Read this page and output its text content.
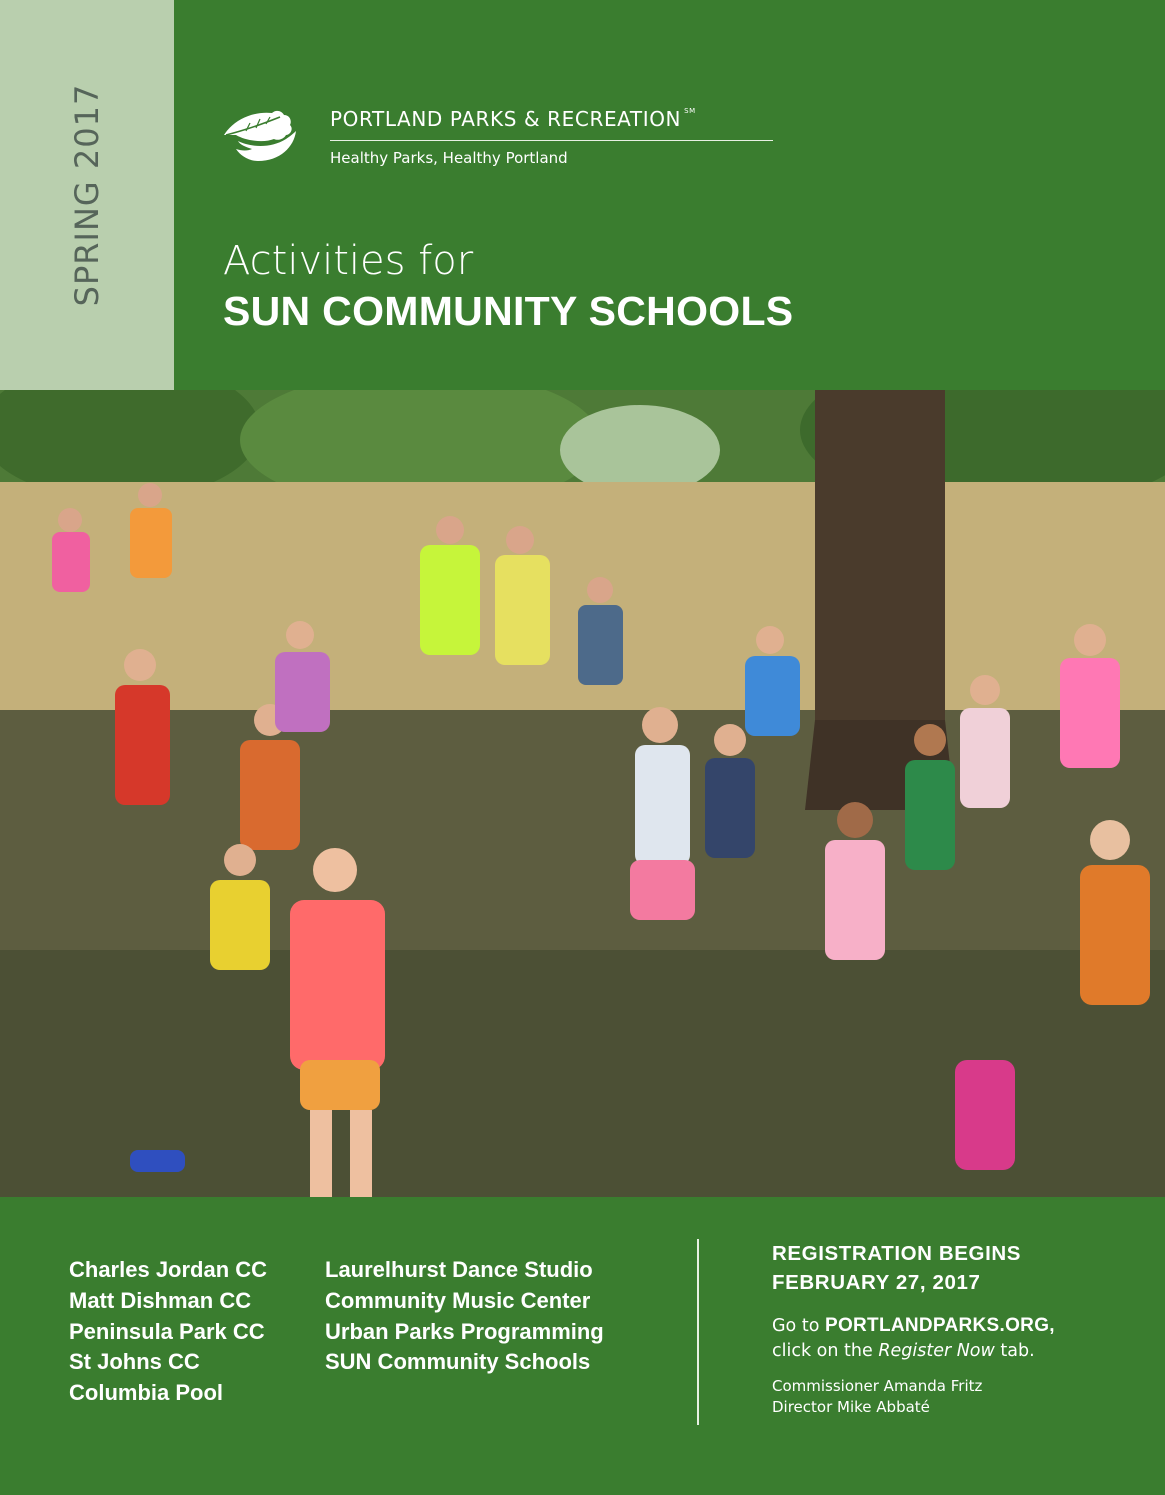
SPRING 2017	PORTLAND PARKS & RECREATION ℠
Healthy Parks, Healthy Portland
Activities for
SUN COMMUNITY SCHOOLS
Charles Jordan CC
Matt Dishman CC
Peninsula Park CC
St Johns CC
Columbia Pool
Laurelhurst Dance Studio
Community Music Center
Urban Parks Programming
SUN Community Schools
REGISTRATION BEGINS
FEBRUARY 27, 2017
Go to PORTLANDPARKS.ORG,
click on the Register Now tab.
Commissioner Amanda Fritz
Director Mike Abbaté
